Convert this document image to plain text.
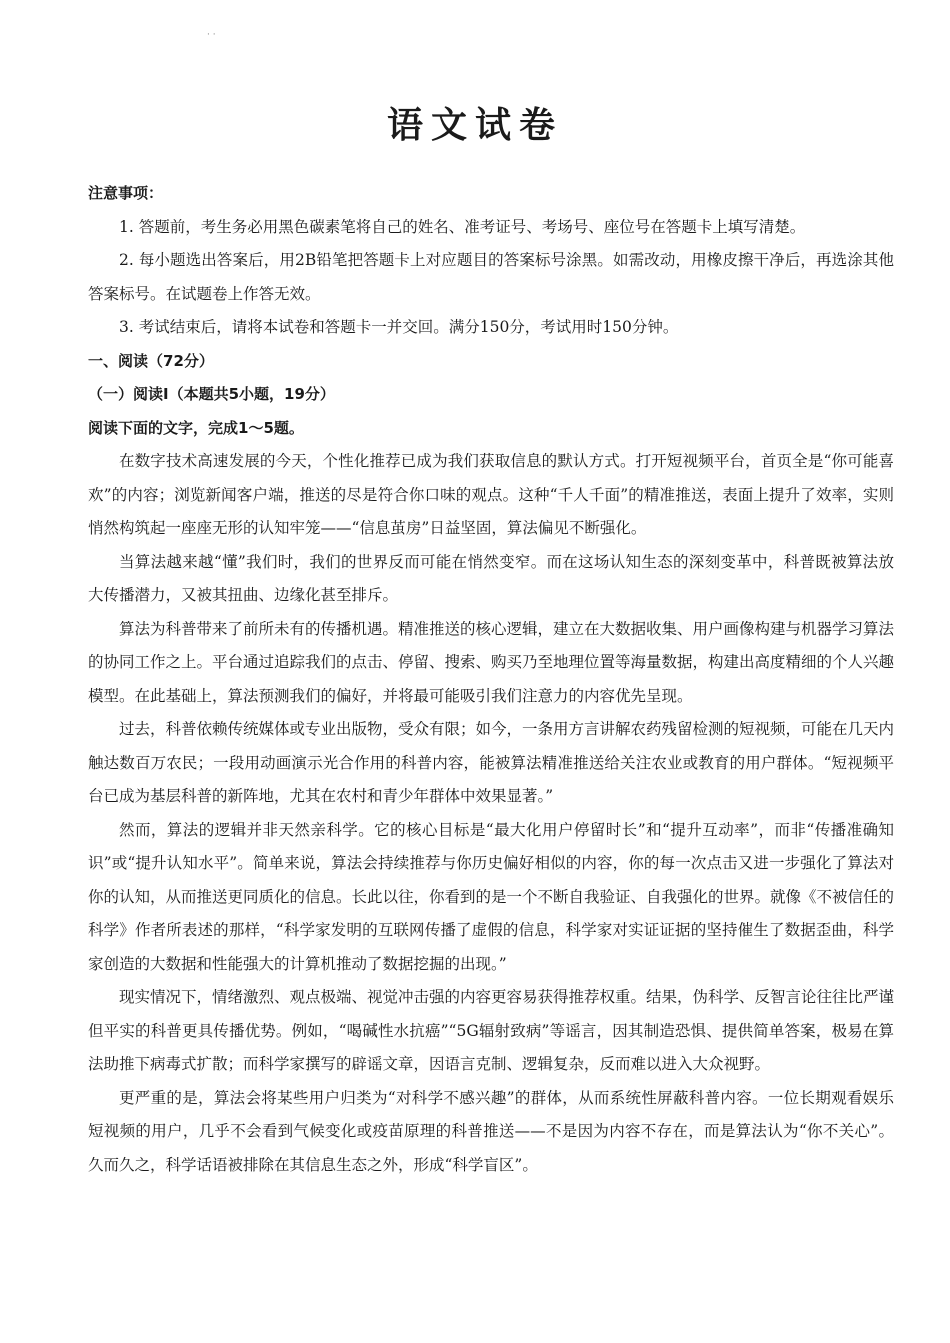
· ·
语文试卷

注意事项：

1. 答题前，考生务必用黑色碳素笔将自己的姓名、准考证号、考场号、座位号在答题卡上填写清楚。

2. 每小题选出答案后，用2B铅笔把答题卡上对应题目的答案标号涂黑。如需改动，用橡皮擦干净后，再选涂其他答案标号。在试题卷上作答无效。

3. 考试结束后，请将本试卷和答题卡一并交回。满分150分，考试用时150分钟。

一、阅读（72分）

（一）阅读Ⅰ（本题共5小题，19分）

阅读下面的文字，完成1～5题。

在数字技术高速发展的今天，个性化推荐已成为我们获取信息的默认方式。打开短视频平台，首页全是“你可能喜欢”的内容；浏览新闻客户端，推送的尽是符合你口味的观点。这种“千人千面”的精准推送，表面上提升了效率，实则悄然构筑起一座座无形的认知牢笼——“信息茧房”日益坚固，算法偏见不断强化。

当算法越来越“懂”我们时，我们的世界反而可能在悄然变窄。而在这场认知生态的深刻变革中，科普既被算法放大传播潜力，又被其扭曲、边缘化甚至排斥。

算法为科普带来了前所未有的传播机遇。精准推送的核心逻辑，建立在大数据收集、用户画像构建与机器学习算法的协同工作之上。平台通过追踪我们的点击、停留、搜索、购买乃至地理位置等海量数据，构建出高度精细的个人兴趣模型。在此基础上，算法预测我们的偏好，并将最可能吸引我们注意力的内容优先呈现。

过去，科普依赖传统媒体或专业出版物，受众有限；如今，一条用方言讲解农药残留检测的短视频，可能在几天内触达数百万农民；一段用动画演示光合作用的科普内容，能被算法精准推送给关注农业或教育的用户群体。“短视频平台已成为基层科普的新阵地，尤其在农村和青少年群体中效果显著。”

然而，算法的逻辑并非天然亲科学。它的核心目标是“最大化用户停留时长”和“提升互动率”，而非“传播准确知识”或“提升认知水平”。简单来说，算法会持续推荐与你历史偏好相似的内容，你的每一次点击又进一步强化了算法对你的认知，从而推送更同质化的信息。长此以往，你看到的是一个不断自我验证、自我强化的世界。就像《不被信任的科学》作者所表述的那样，“科学家发明的互联网传播了虚假的信息，科学家对实证证据的坚持催生了数据歪曲，科学家创造的大数据和性能强大的计算机推动了数据挖掘的出现。”

现实情况下，情绪激烈、观点极端、视觉冲击强的内容更容易获得推荐权重。结果，伪科学、反智言论往往比严谨但平实的科普更具传播优势。例如，“喝碱性水抗癌”“5G辐射致病”等谣言，因其制造恐惧、提供简单答案，极易在算法助推下病毒式扩散；而科学家撰写的辟谣文章，因语言克制、逻辑复杂，反而难以进入大众视野。

更严重的是，算法会将某些用户归类为“对科学不感兴趣”的群体，从而系统性屏蔽科普内容。一位长期观看娱乐短视频的用户，几乎不会看到气候变化或疫苗原理的科普推送——不是因为内容不存在，而是算法认为“你不关心”。久而久之，科学话语被排除在其信息生态之外，形成“科学盲区”。
